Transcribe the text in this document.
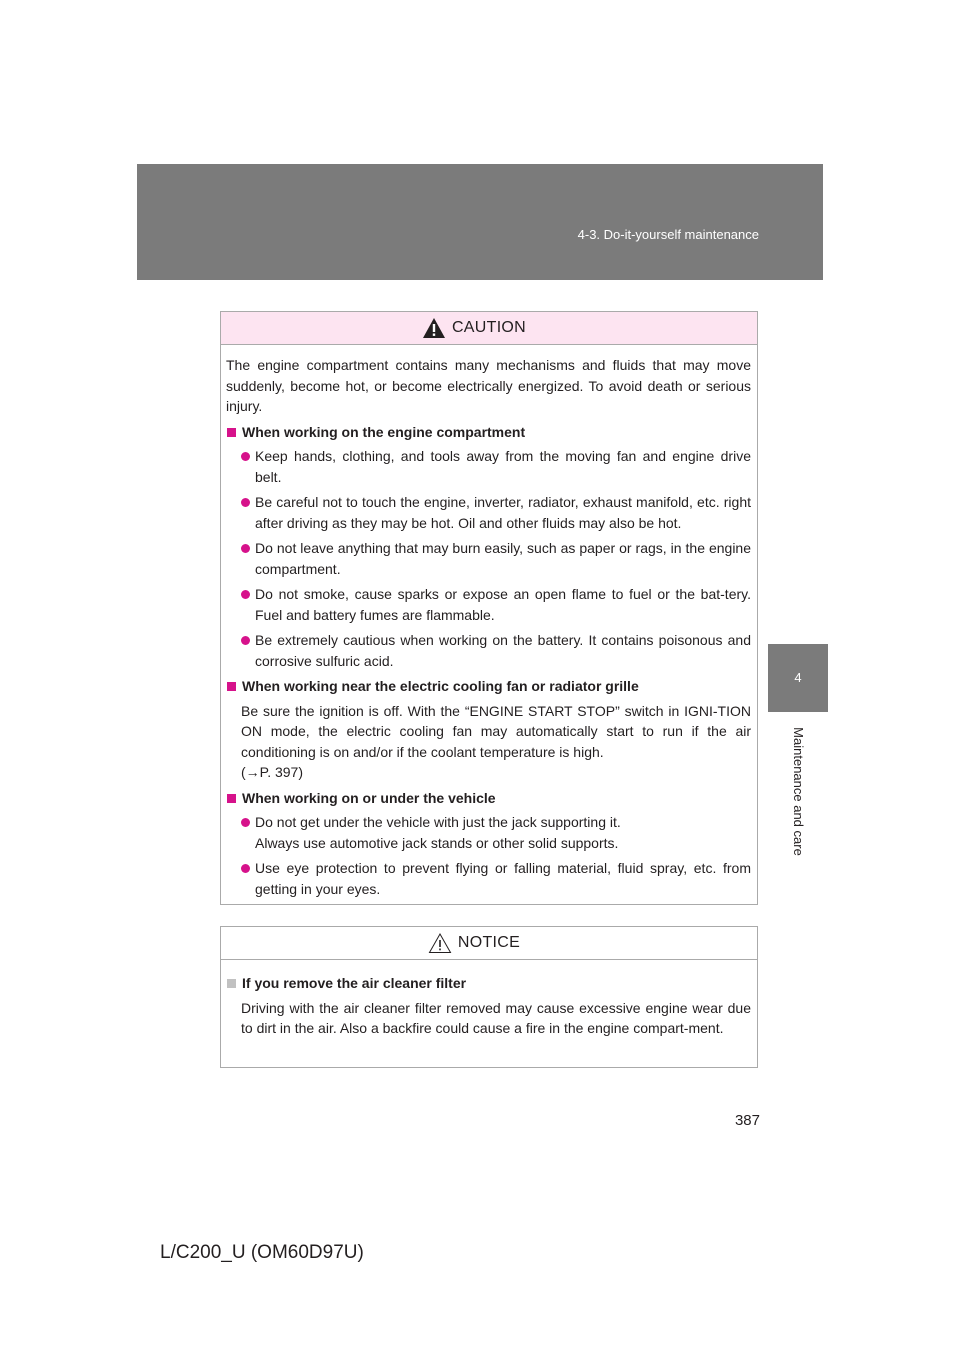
4-3. Do-it-yourself maintenance
4
Maintenance and care
CAUTION

The engine compartment contains many mechanisms and fluids that may move suddenly, become hot, or become electrically energized. To avoid death or serious injury.

When working on the engine compartment
Keep hands, clothing, and tools away from the moving fan and engine drive belt.
Be careful not to touch the engine, inverter, radiator, exhaust manifold, etc. right after driving as they may be hot. Oil and other fluids may also be hot.
Do not leave anything that may burn easily, such as paper or rags, in the engine compartment.
Do not smoke, cause sparks or expose an open flame to fuel or the bat-tery. Fuel and battery fumes are flammable.
Be extremely cautious when working on the battery. It contains poisonous and corrosive sulfuric acid.
When working near the electric cooling fan or radiator grille
Be sure the ignition is off. With the “ENGINE START STOP” switch in IGNI-TION ON mode, the electric cooling fan may automatically start to run if the air conditioning is on and/or if the coolant temperature is high.
(→P. 397)
When working on or under the vehicle
Do not get under the vehicle with just the jack supporting it.
Always use automotive jack stands or other solid supports.
Use eye protection to prevent flying or falling material, fluid spray, etc. from getting in your eyes.
NOTICE
If you remove the air cleaner filter
Driving with the air cleaner filter removed may cause excessive engine wear due to dirt in the air. Also a backfire could cause a fire in the engine compart-ment.
387
L/C200_U (OM60D97U)
